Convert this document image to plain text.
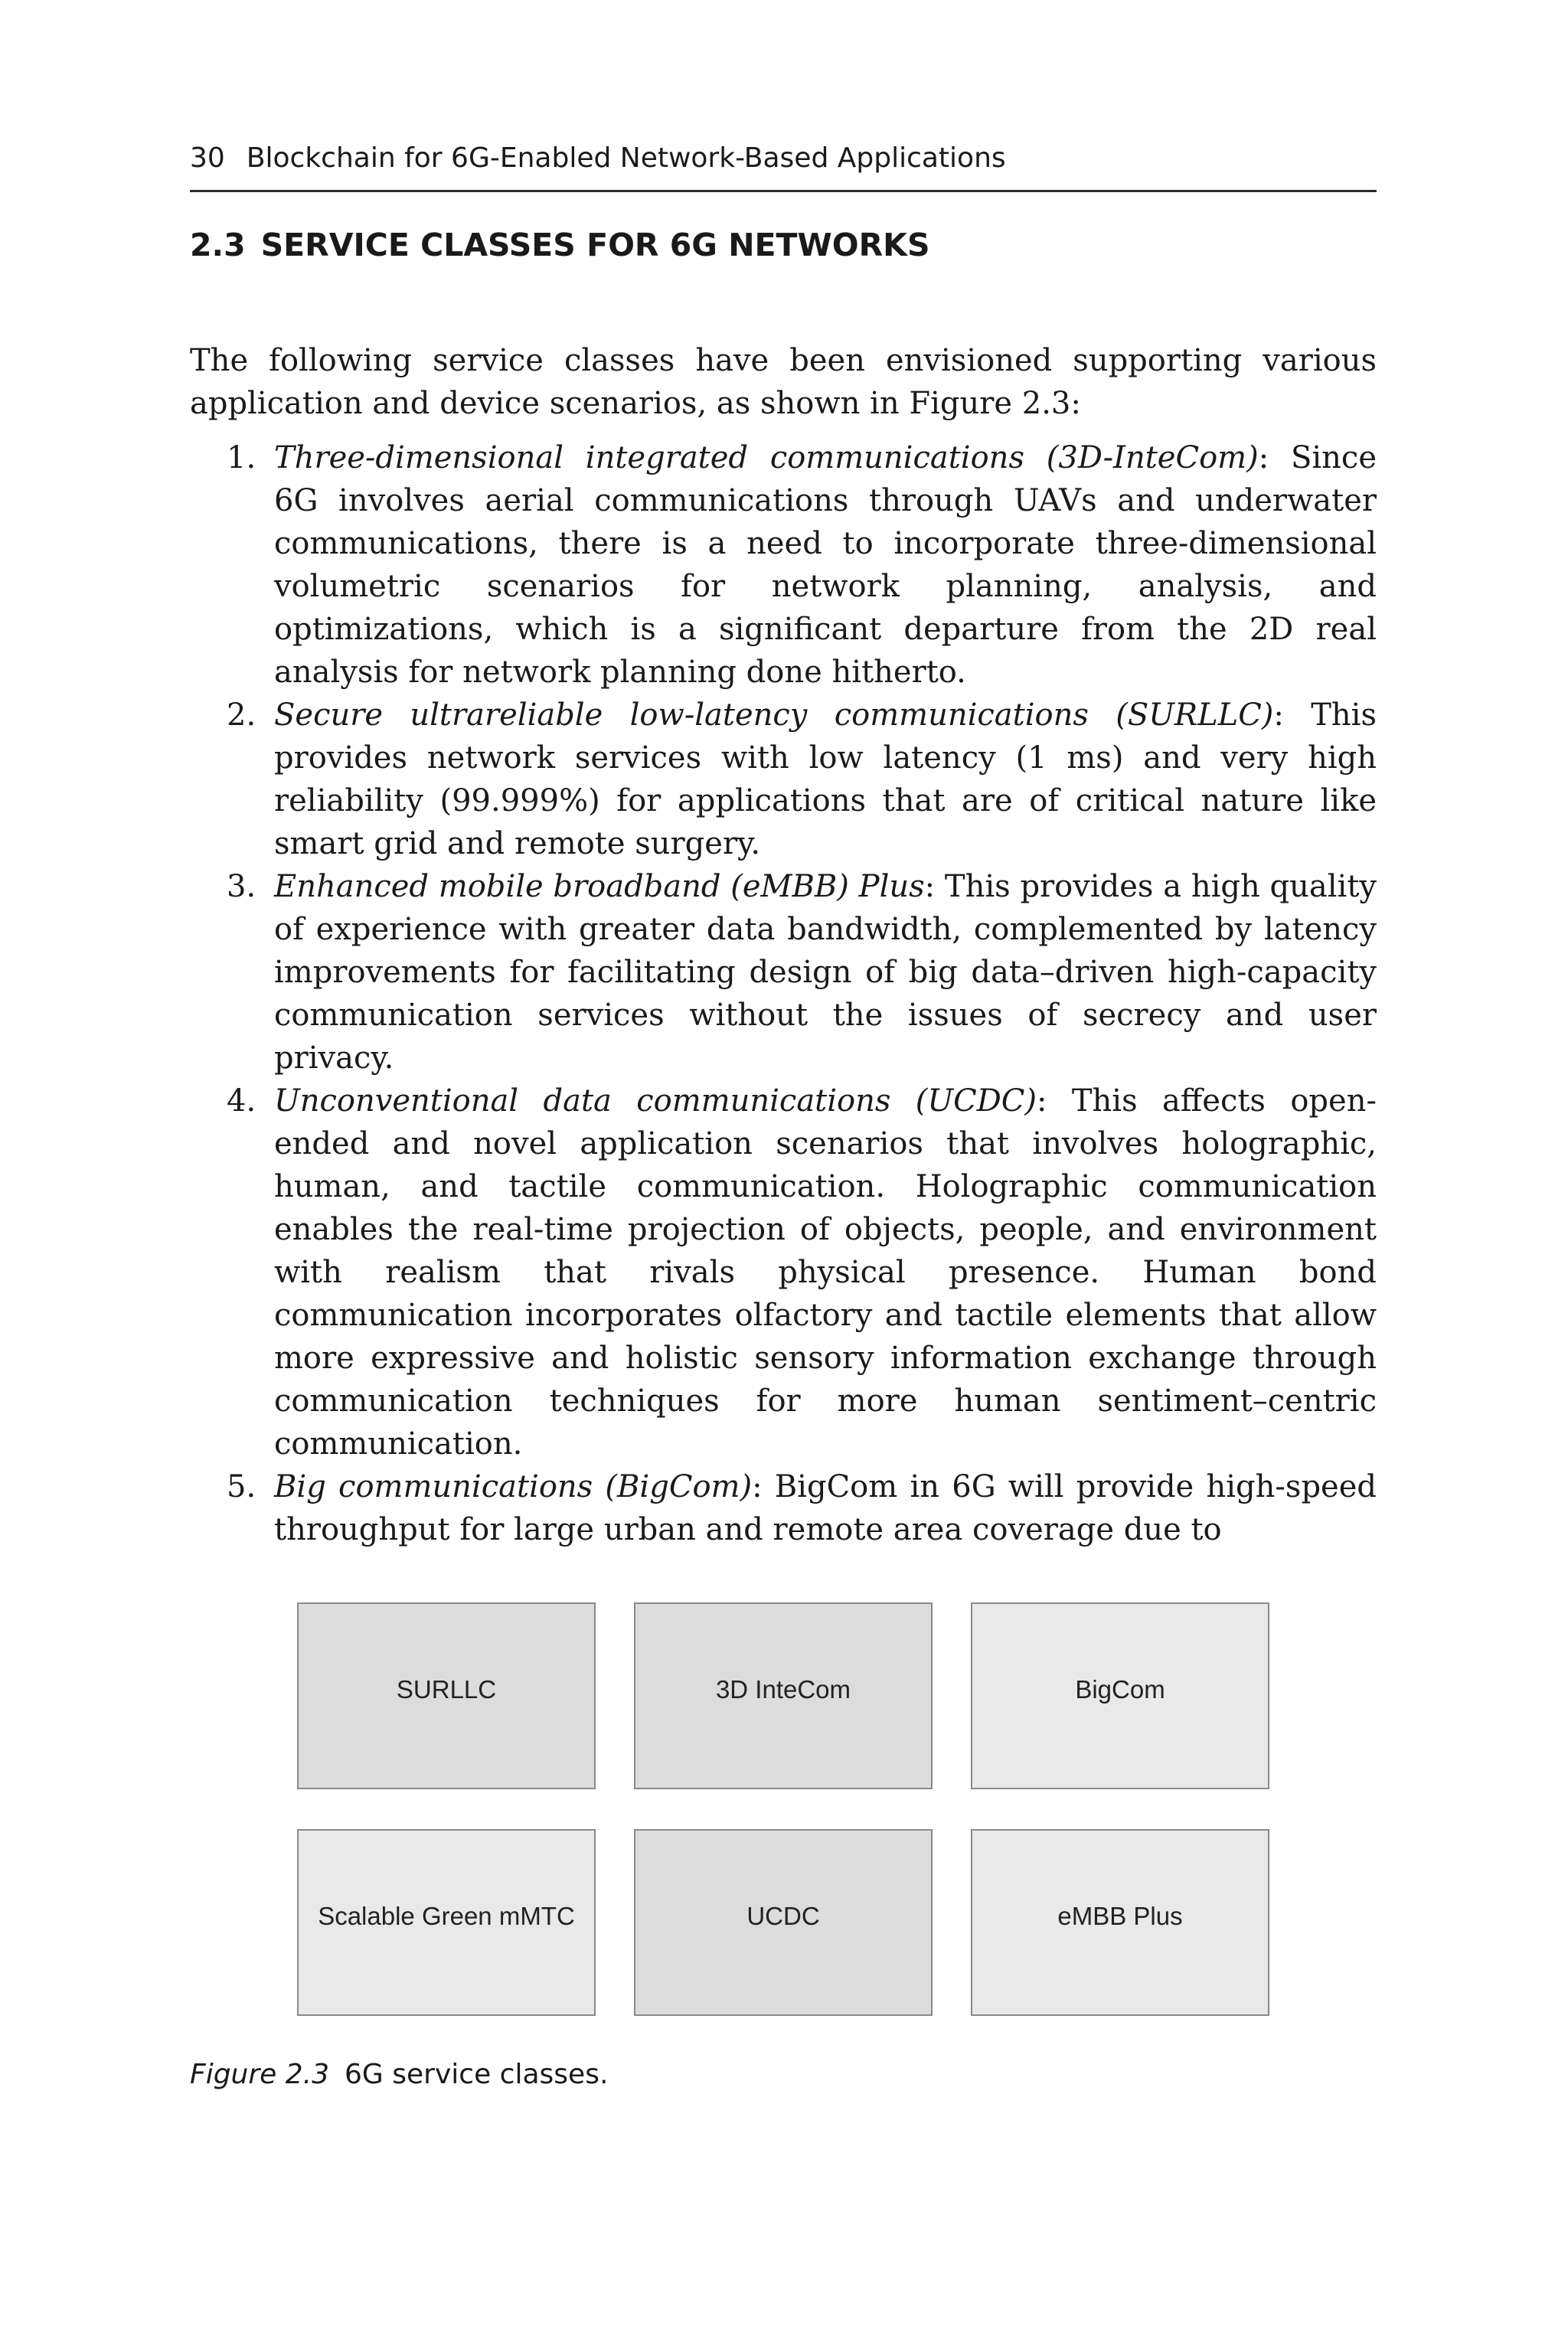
30 Blockchain for 6G-Enabled Network-Based Applications
2.3 SERVICE CLASSES FOR 6G NETWORKS

The following service classes have been envisioned supporting various application and device scenarios, as shown in Figure 2.3:

1. Three-dimensional integrated communications (3D-InteCom): Since 6G involves aerial communications through UAVs and underwater communications, there is a need to incorporate three-dimensional volumetric scenarios for network planning, analysis, and optimizations, which is a significant departure from the 2D real analysis for network planning done hitherto.
2. Secure ultrareliable low-latency communications (SURLLC): This provides network services with low latency (1 ms) and very high reliability (99.999%) for applications that are of critical nature like smart grid and remote surgery.
3. Enhanced mobile broadband (eMBB) Plus: This provides a high quality of experience with greater data bandwidth, complemented by latency improvements for facilitating design of big data–driven high-capacity communication services without the issues of secrecy and user privacy.
4. Unconventional data communications (UCDC): This affects open-ended and novel application scenarios that involves holographic, human, and tactile communication. Holographic communication enables the real-time projection of objects, people, and environment with realism that rivals physical presence. Human bond communication incorporates olfactory and tactile elements that allow more expressive and holistic sensory information exchange through communication techniques for more human sentiment–centric communication.
5. Big communications (BigCom): BigCom in 6G will provide high-speed throughput for large urban and remote area coverage due to
SURLLC	3D InteCom	BigCom
Scalable Green mMTC	UCDC	eMBB Plus
Figure 2.3 6G service classes.
